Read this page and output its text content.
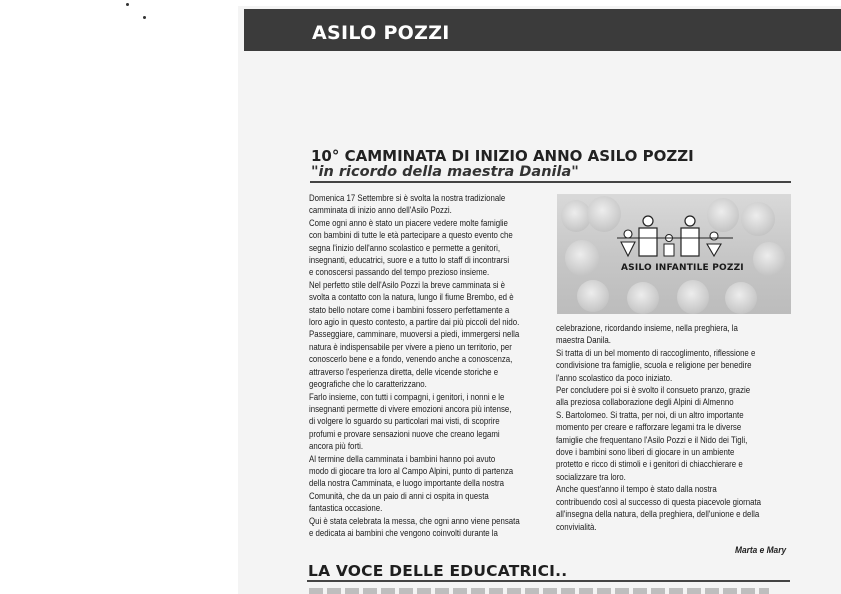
ASILO POZZI
10° CAMMINATA DI INIZIO ANNO ASILO POZZI
"in ricordo della maestra Danila"

Domenica 17 Settembre si è svolta la nostra tradizionale

camminata di inizio anno dell'Asilo Pozzi.

Come ogni anno è stato un piacere vedere molte famiglie

con bambini di tutte le età partecipare a questo evento che

segna l'inizio dell'anno scolastico e permette a genitori,

insegnanti, educatrici, suore e a tutto lo staff di incontrarsi

e conoscersi passando del tempo prezioso insieme.

Nel perfetto stile dell'Asilo Pozzi la breve camminata si è

svolta a contatto con la natura, lungo il fiume Brembo, ed è

stato bello notare come i bambini fossero perfettamente a

loro agio in questo contesto, a partire dai più piccoli del nido.

Passeggiare, camminare, muoversi a piedi, immergersi nella

natura è indispensabile per vivere a pieno un territorio, per

conoscerlo bene e a fondo, venendo anche a conoscenza,

attraverso l'esperienza diretta, delle vicende storiche e

geografiche che lo caratterizzano.

Farlo insieme, con tutti i compagni, i genitori, i nonni e le

insegnanti permette di vivere emozioni ancora più intense,

di volgere lo sguardo su particolari mai visti, di scoprire

profumi e provare sensazioni nuove che creano legami

ancora più forti.

Al termine della camminata i bambini hanno poi avuto

modo di giocare tra loro al Campo Alpini, punto di partenza

della nostra Camminata, e luogo importante della nostra

Comunità, che da un paio di anni ci ospita in questa

fantastica occasione.

Qui è stata celebrata la messa, che ogni anno viene pensata

e dedicata ai bambini che vengono coinvolti durante la

ASILO INFANTILE POZZI

celebrazione, ricordando insieme, nella preghiera, la

maestra Danila.

Si tratta di un bel momento di raccoglimento, riflessione e

condivisione tra famiglie, scuola e religione per benedire

l'anno scolastico da poco iniziato.

Per concludere poi si è svolto il consueto pranzo, grazie

alla preziosa collaborazione degli Alpini di Almenno

S. Bartolomeo. Si tratta, per noi, di un altro importante

momento per creare e rafforzare legami tra le diverse

famiglie che frequentano l'Asilo Pozzi e il Nido dei Tigli,

dove i bambini sono liberi di giocare in un ambiente

protetto e ricco di stimoli e i genitori di chiacchierare e

socializzare tra loro.

Anche quest'anno il tempo è stato dalla nostra

contribuendo così al successo di questa piacevole giornata

all'insegna della natura, della preghiera, dell'unione e della

convivialità.

Marta e Mary
LA VOCE DELLE EDUCATRICI..
